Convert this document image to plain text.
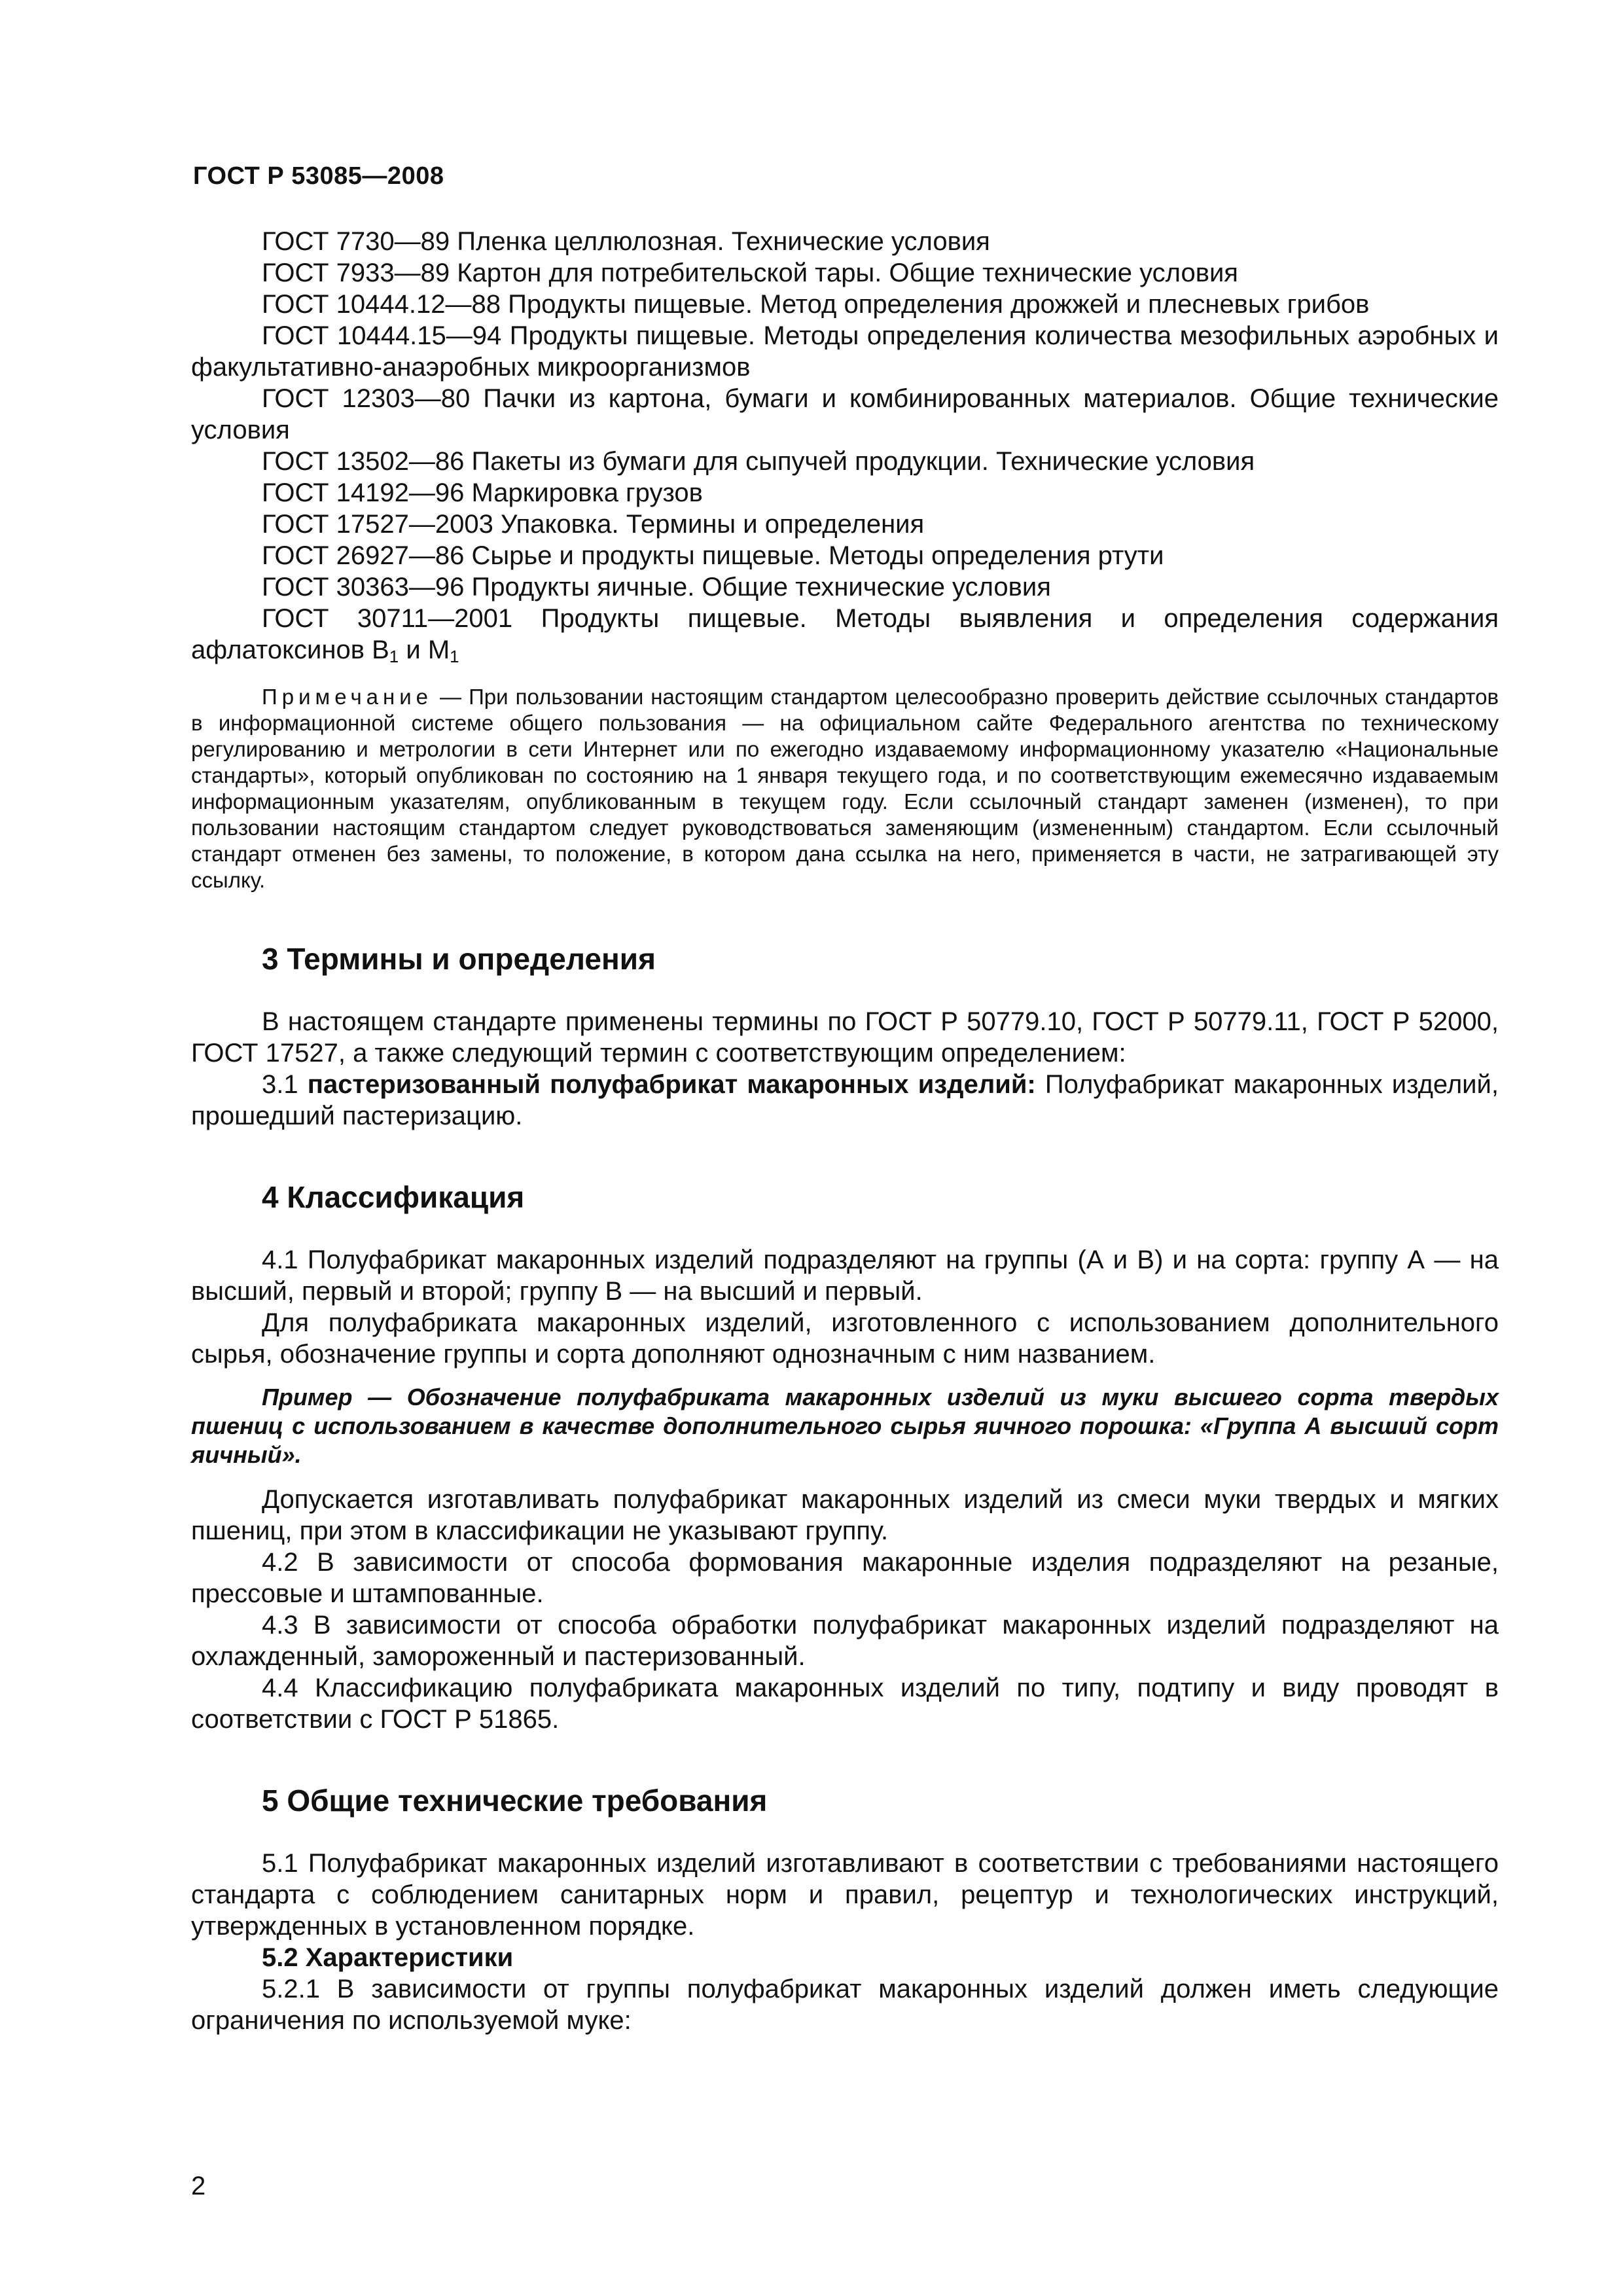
ГОСТ Р 53085—2008

ГОСТ 7730—89 Пленка целлюлозная. Технические условия

ГОСТ 7933—89 Картон для потребительской тары. Общие технические условия

ГОСТ 10444.12—88 Продукты пищевые. Метод определения дрожжей и плесневых грибов

ГОСТ 10444.15—94 Продукты пищевые. Методы определения количества мезофильных аэробных и факультативно-анаэробных микроорганизмов

ГОСТ 12303—80 Пачки из картона, бумаги и комбинированных материалов. Общие технические условия

ГОСТ 13502—86 Пакеты из бумаги для сыпучей продукции. Технические условия

ГОСТ 14192—96 Маркировка грузов

ГОСТ 17527—2003 Упаковка. Термины и определения

ГОСТ 26927—86 Сырье и продукты пищевые. Методы определения ртути

ГОСТ 30363—96 Продукты яичные. Общие технические условия

ГОСТ 30711—2001 Продукты пищевые. Методы выявления и определения содержания афлатоксинов $В_1$ и $М_1$

Примечание — При пользовании настоящим стандартом целесообразно проверить действие ссылочных стандартов в информационной системе общего пользования — на официальном сайте Федерального агентства по техническому регулированию и метрологии в сети Интернет или по ежегодно издаваемому информационному указателю «Национальные стандарты», который опубликован по состоянию на 1 января текущего года, и по соответствующим ежемесячно издаваемым информационным указателям, опубликованным в текущем году. Если ссылочный стандарт заменен (изменен), то при пользовании настоящим стандартом следует руководствоваться заменяющим (измененным) стандартом. Если ссылочный стандарт отменен без замены, то положение, в котором дана ссылка на него, применяется в части, не затрагивающей эту ссылку.

3 Термины и определения

В настоящем стандарте применены термины по ГОСТ Р 50779.10, ГОСТ Р 50779.11, ГОСТ Р 52000, ГОСТ 17527, а также следующий термин с соответствующим определением:

3.1 пастеризованный полуфабрикат макаронных изделий: Полуфабрикат макаронных изделий, прошедший пастеризацию.

4 Классификация

4.1 Полуфабрикат макаронных изделий подразделяют на группы (А и В) и на сорта: группу А — на высший, первый и второй; группу В — на высший и первый.

Для полуфабриката макаронных изделий, изготовленного с использованием дополнительного сырья, обозначение группы и сорта дополняют однозначным с ним названием.

Пример — Обозначение полуфабриката макаронных изделий из муки высшего сорта твердых пшениц с использованием в качестве дополнительного сырья яичного порошка: «Группа А высший сорт яичный».

Допускается изготавливать полуфабрикат макаронных изделий из смеси муки твердых и мягких пшениц, при этом в классификации не указывают группу.

4.2 В зависимости от способа формования макаронные изделия подразделяют на резаные, прессовые и штампованные.

4.3 В зависимости от способа обработки полуфабрикат макаронных изделий подразделяют на охлажденный, замороженный и пастеризованный.

4.4 Классификацию полуфабриката макаронных изделий по типу, подтипу и виду проводят в соответствии с ГОСТ Р 51865.

5 Общие технические требования

5.1 Полуфабрикат макаронных изделий изготавливают в соответствии с требованиями настоящего стандарта с соблюдением санитарных норм и правил, рецептур и технологических инструкций, утвержденных в установленном порядке.

5.2 Характеристики

5.2.1 В зависимости от группы полуфабрикат макаронных изделий должен иметь следующие ограничения по используемой муке:

2
